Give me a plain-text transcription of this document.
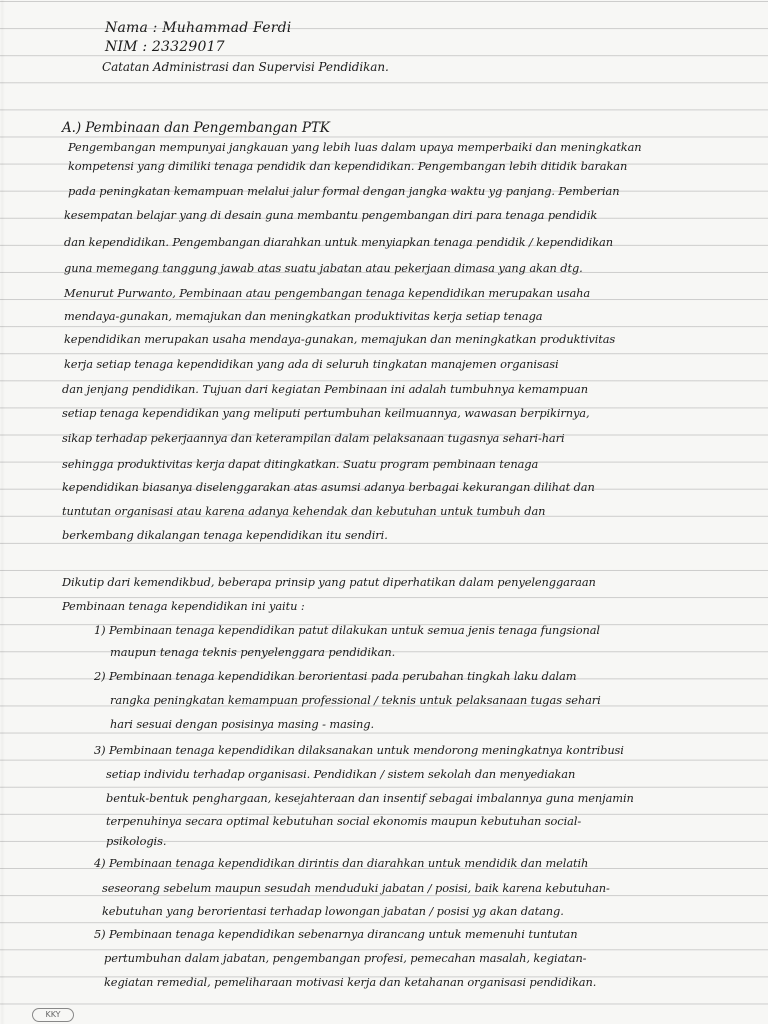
Nama : Muhammad Ferdi
NIM : 23329017
Catatan Administrasi dan Supervisi Pendidikan.
A.) Pembinaan dan Pengembangan PTK
Pengembangan mempunyai jangkauan yang lebih luas dalam upaya memperbaiki dan meningkatkan
kompetensi yang dimiliki tenaga pendidik dan kependidikan. Pengembangan lebih ditidik barakan
pada peningkatan kemampuan melalui jalur formal dengan jangka waktu yg panjang. Pemberian
kesempatan belajar yang di desain guna membantu pengembangan diri para tenaga pendidik
dan kependidikan. Pengembangan diarahkan untuk menyiapkan tenaga pendidik / kependidikan
guna memegang tanggung jawab atas suatu jabatan atau pekerjaan dimasa yang akan dtg.
Menurut Purwanto, Pembinaan atau pengembangan tenaga kependidikan merupakan usaha
mendaya-gunakan, memajukan dan meningkatkan produktivitas kerja setiap tenaga
kependidikan merupakan usaha mendaya-gunakan, memajukan dan meningkatkan produktivitas
kerja setiap tenaga kependidikan yang ada di seluruh tingkatan manajemen organisasi
dan jenjang pendidikan. Tujuan dari kegiatan Pembinaan ini adalah tumbuhnya kemampuan
setiap tenaga kependidikan yang meliputi pertumbuhan keilmuannya, wawasan berpikirnya,
sikap terhadap pekerjaannya dan keterampilan dalam pelaksanaan tugasnya sehari-hari
sehingga produktivitas kerja dapat ditingkatkan. Suatu program pembinaan tenaga
kependidikan biasanya diselenggarakan atas asumsi adanya berbagai kekurangan dilihat dan
tuntutan organisasi atau karena adanya kehendak dan kebutuhan untuk tumbuh dan
berkembang dikalangan tenaga kependidikan itu sendiri.
Dikutip dari kemendikbud, beberapa prinsip yang patut diperhatikan dalam penyelenggaraan
Pembinaan tenaga kependidikan ini yaitu :
1) Pembinaan tenaga kependidikan patut dilakukan untuk semua jenis tenaga fungsional
maupun tenaga teknis penyelenggara pendidikan.
2) Pembinaan tenaga kependidikan berorientasi pada perubahan tingkah laku dalam
rangka peningkatan kemampuan professional / teknis untuk pelaksanaan tugas sehari
hari sesuai dengan posisinya masing - masing.
3) Pembinaan tenaga kependidikan dilaksanakan untuk mendorong meningkatnya kontribusi
setiap individu terhadap organisasi. Pendidikan / sistem sekolah dan menyediakan
bentuk-bentuk penghargaan, kesejahteraan dan insentif sebagai imbalannya guna menjamin
terpenuhinya secara optimal kebutuhan social ekonomis maupun kebutuhan social-
psikologis.
4) Pembinaan tenaga kependidikan dirintis dan diarahkan untuk mendidik dan melatih
seseorang sebelum maupun sesudah menduduki jabatan / posisi, baik karena kebutuhan-
kebutuhan yang berorientasi terhadap lowongan jabatan / posisi yg akan datang.
5) Pembinaan tenaga kependidikan sebenarnya dirancang untuk memenuhi tuntutan
pertumbuhan dalam jabatan, pengembangan profesi, pemecahan masalah, kegiatan-
kegiatan remedial, pemeliharaan motivasi kerja dan ketahanan organisasi pendidikan.
KKY
